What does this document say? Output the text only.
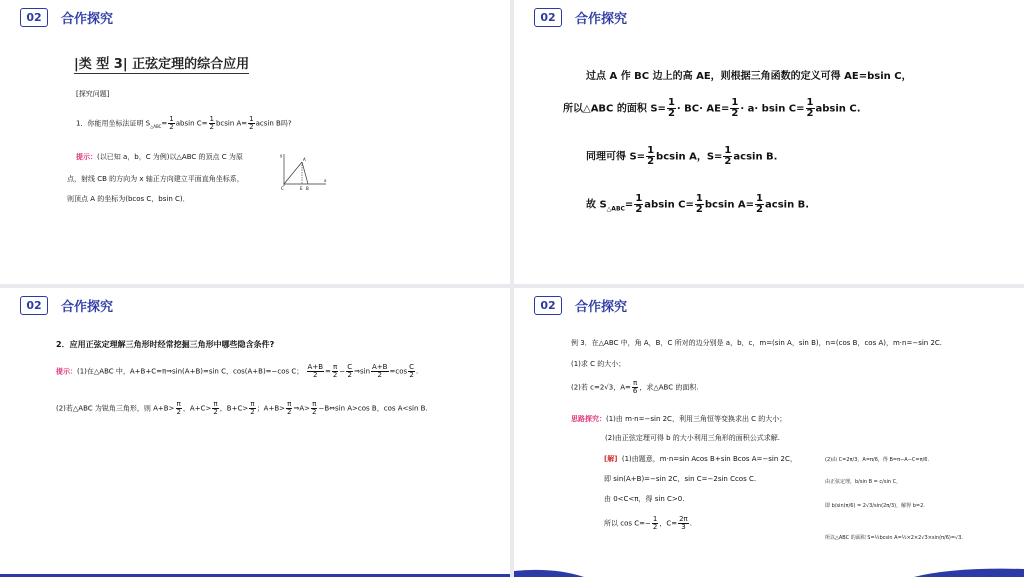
02	合作探究
|类 型 3| 正弦定理的综合应用
[探究问题]
1．你能用坐标法证明 $S_{\triangle ABC}= \frac{1}{2}$ absin $C= \frac{1}{2}$ bcsin $A= \frac{1}{2}$ acsin B吗?
提示：(以已知 a，b，C 为例)以△ABC 的顶点 C 为原
点，射线 CB 的方向为 x 轴正方向建立平面直角坐标系，
则顶点 A 的坐标为(bcos C，bsin C)．
y
x
A
C	E B
02	合作探究
过点 A 作 BC 边上的高 AE，则根据三角函数的定义可得 AE=bsin C，
所以△ABC 的面积 $S= \frac{1}{2} \cdot BC\cdot AE= \frac{1}{2} \cdot a\cdot bsin$ $C= \frac{1}{2}$ absin C.
同理可得 $S= \frac{1}{2}$ bcsin A，$S= \frac{1}{2}$ acsin B.
故 $S_{\triangle ABC}= \frac{1}{2}$ absin $C= \frac{1}{2}$ bcsin $A= \frac{1}{2}$ acsin B.
02	合作探究
2．应用正弦定理解三角形时经常挖掘三角形中哪些隐含条件?
提示：(1)在△ABC 中，A+B+C=π⇒sin(A+B)=sin C，cos(A+B)=−cos C； $\frac{A+B}{2} = \frac{\pi}{2} - \frac{C}{2}$ ⇒sin $\frac{A+B}{2} =\cos \frac{C}{2}$ .
(2)若△ABC 为锐角三角形，则 $A+B> \frac{\pi}{2}$ ，$A+C> \frac{\pi}{2}$ ，$B+C> \frac{\pi}{2}$ ；$A+B> \frac{\pi}{2}$ ⇒A> $\frac{\pi}{2}$ −B⇔sin A>cos B，cos A<sin B.
02	合作探究
例 3．在△ABC 中，角 A，B，C 所对的边分别是 a，b，c，m=(sin A，sin B)，n=(cos B，cos A)，m·n=−sin 2C.
(1)求 C 的大小；
(2)若 c=2√3，$A= \frac{\pi}{6}$ ，求△ABC 的面积.
思路探究：(1)由 m·n=−sin 2C，利用三角恒等变换求出 C 的大小；
(2)由正弦定理可得 b 的大小利用三角形的面积公式求解.
[解] (1)由题意，m·n=sin Acos B+sin Bcos A=−sin 2C，
即 sin(A+B)=−sin 2C，sin C=−2sin Ccos C.
由 0<C<π，得 sin C>0.
所以 $\cos C=- \frac{1}{2}$ ，$C= \frac{2\pi}{3}$ .
(2)由 C=2π/3，A=π/6，得 B=π−A−C=π/6.
由正弦定理，b/sin B = c/sin C，
即 b/sin(π/6) = 2√3/sin(2π/3)，解得 b=2.
所以△ABC 的面积 S=½bcsin A=½×2×2√3×sin(π/6)=√3.
